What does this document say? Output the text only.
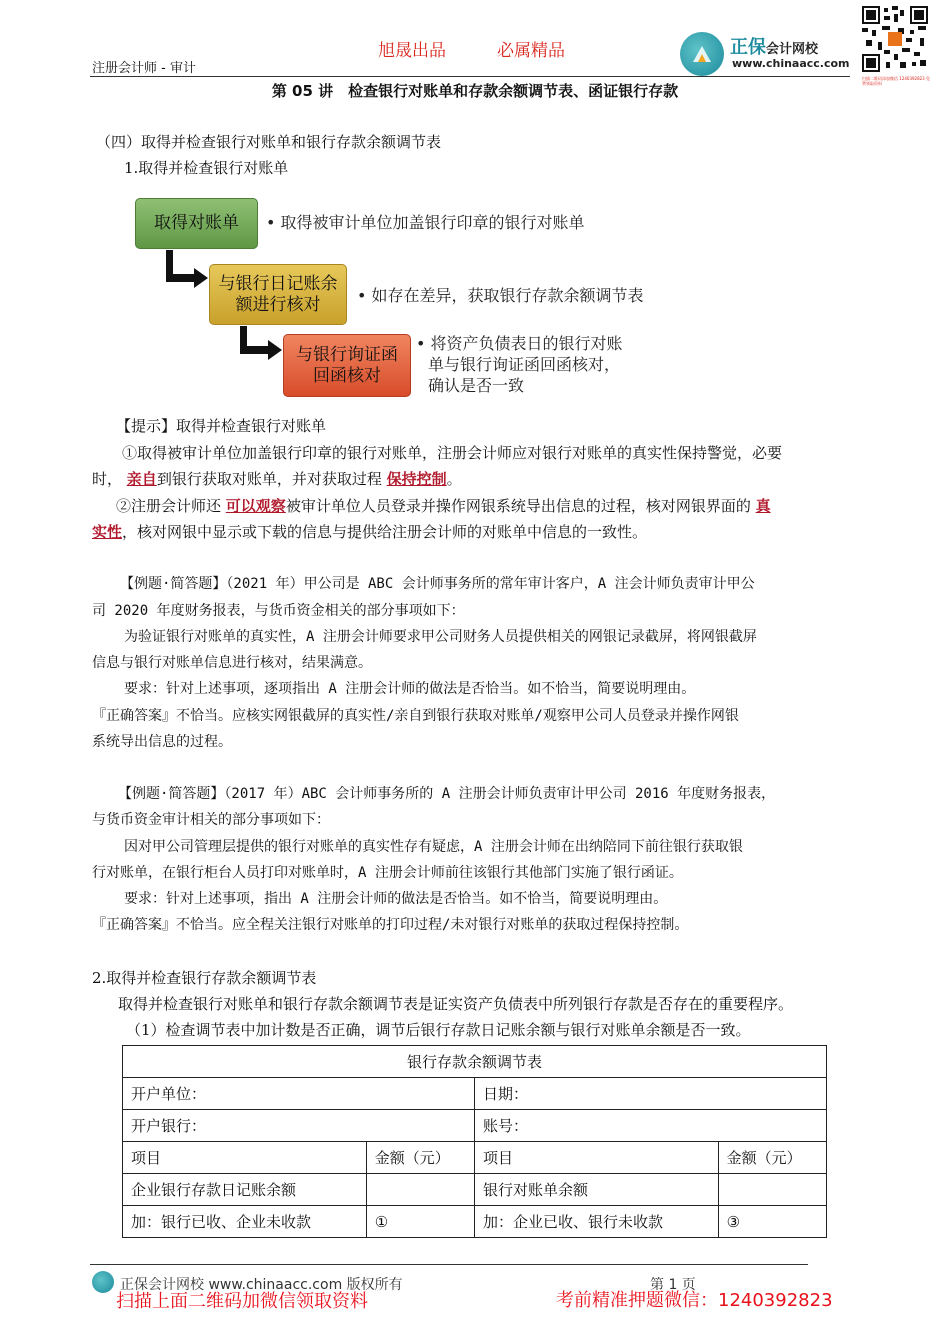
旭晟出品	必属精品
注册会计师 - 审计
正保会计网校
www.chinaacc.com
扫描二维码添加微信 1240392823 免费领取资料
第 05 讲　检查银行对账单和存款余额调节表、函证银行存款
（四）取得并检查银行对账单和银行存款余额调节表
1.取得并检查银行对账单
取得对账单
与银行日记账余
额进行核对
与银行询证函
回函核对
• 取得被审计单位加盖银行印章的银行对账单
• 如存在差异，获取银行存款余额调节表
• 将资产负债表日的银行对账
单与银行询证函回函核对，
确认是否一致
【提示】取得并检查银行对账单
①取得被审计单位加盖银行印章的银行对账单，注册会计师应对银行对账单的真实性保持警觉，必要
时， 亲自到银行获取对账单，并对获取过程 保持控制。
②注册会计师还 可以观察被审计单位人员登录并操作网银系统导出信息的过程，核对网银界面的 真
实性，核对网银中显示或下载的信息与提供给注册会计师的对账单中信息的一致性。
【例题·简答题】（2021 年）甲公司是 ABC 会计师事务所的常年审计客户，A 注会计师负责审计甲公
司 2020 年度财务报表，与货币资金相关的部分事项如下：
为验证银行对账单的真实性，A 注册会计师要求甲公司财务人员提供相关的网银记录截屏，将网银截屏
信息与银行对账单信息进行核对，结果满意。
要求：针对上述事项，逐项指出 A 注册会计师的做法是否恰当。如不恰当，简要说明理由。
『正确答案』不恰当。应核实网银截屏的真实性/亲自到银行获取对账单/观察甲公司人员登录并操作网银
系统导出信息的过程。
【例题·简答题】（2017 年）ABC 会计师事务所的 A 注册会计师负责审计甲公司 2016 年度财务报表，
与货币资金审计相关的部分事项如下：
因对甲公司管理层提供的银行对账单的真实性存有疑虑，A 注册会计师在出纳陪同下前往银行获取银
行对账单，在银行柜台人员打印对账单时，A 注册会计师前往该银行其他部门实施了银行函证。
要求：针对上述事项，指出 A 注册会计师的做法是否恰当。如不恰当，简要说明理由。
『正确答案』不恰当。应全程关注银行对账单的打印过程/未对银行对账单的获取过程保持控制。
2.取得并检查银行存款余额调节表
取得并检查银行对账单和银行存款余额调节表是证实资产负债表中所列银行存款是否存在的重要程序。
（1）检查调节表中加计数是否正确，调节后银行存款日记账余额与银行对账单余额是否一致。
银行存款余额调节表			
开户单位：		日期：	
开户银行：		账号：	
项目	金额（元）	项目	金额（元）
企业银行存款日记账余额		银行对账单余额	
加：银行已收、企业未收款	①	加：企业已收、银行未收款	③
正保会计网校 www.chinaacc.com 版权所有	第 1 页
扫描上面二维码加微信领取资料	考前精准押题微信：1240392823
